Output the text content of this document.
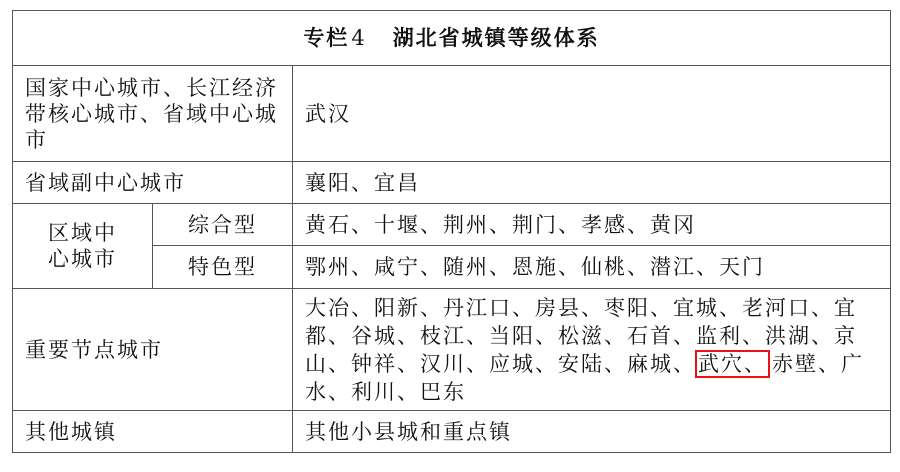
专栏4 湖北省城镇等级体系		
国家中心城市、长江经济带核心城市、省域中心城市		武汉
省域副中心城市		襄阳、宜昌
区域中心城市	综合型	黄石、十堰、荆州、荆门、孝感、黄冈
	特色型	鄂州、咸宁、随州、恩施、仙桃、潜江、天门
重要节点城市		大冶、阳新、丹江口、房县、枣阳、宜城、老河口、宜都、谷城、枝江、当阳、松滋、石首、监利、洪湖、京山、钟祥、汉川、应城、安陆、麻城、武穴、 赤壁、广水、利川、巴东
其他城镇		其他小县城和重点镇
